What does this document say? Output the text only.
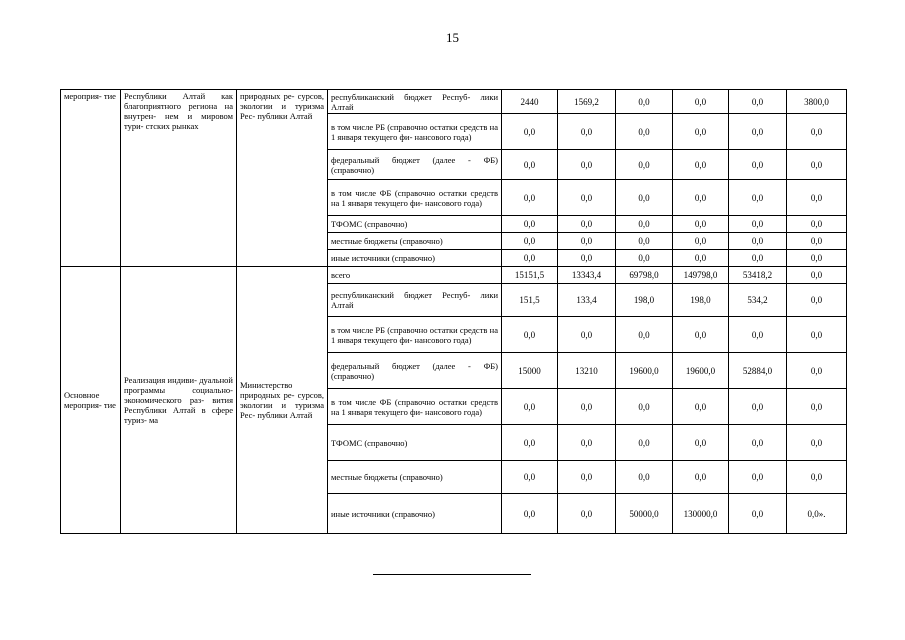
15
мероприя- тие	Республики Алтай как благоприятного региона на внутрен- нем и мировом тури- стских рынках	природных ре- сурсов, экологии и туризма Рес- публики Алтай	республиканский бюджет Респуб- лики Алтай	2440	1569,2	0,0	0,0	0,0	3800,0
			в том числе РБ (справочно остатки средств на 1 января текущего фи- нансового года)	0,0	0,0	0,0	0,0	0,0	0,0
			федеральный бюджет (далее - ФБ) (справочно)	0,0	0,0	0,0	0,0	0,0	0,0
			в том числе ФБ (справочно остатки средств на 1 января текущего фи- нансового года)	0,0	0,0	0,0	0,0	0,0	0,0
			ТФОМС (справочно)	0,0	0,0	0,0	0,0	0,0	0,0
			местные бюджеты (справочно)	0,0	0,0	0,0	0,0	0,0	0,0
			иные источники (справочно)	0,0	0,0	0,0	0,0	0,0	0,0
Основное мероприя- тие	Реализация индиви- дуальной программы социально- экономического раз- вития Республики Алтай в сфере туриз- ма	Министерство природных ре- сурсов, экологии и туризма Рес- публики Алтай	всего	15151,5	13343,4	69798,0	149798,0	53418,2	0,0
			республиканский бюджет Респуб- лики Алтай	151,5	133,4	198,0	198,0	534,2	0,0
			в том числе РБ (справочно остатки средств на 1 января текущего фи- нансового года)	0,0	0,0	0,0	0,0	0,0	0,0
			федеральный бюджет (далее - ФБ) (справочно)	15000	13210	19600,0	19600,0	52884,0	0,0
			в том числе ФБ (справочно остатки средств на 1 января текущего фи- нансового года)	0,0	0,0	0,0	0,0	0,0	0,0
			ТФОМС (справочно)	0,0	0,0	0,0	0,0	0,0	0,0
			местные бюджеты (справочно)	0,0	0,0	0,0	0,0	0,0	0,0
			иные источники (справочно)	0,0	0,0	50000,0	130000,0	0,0	0,0».
